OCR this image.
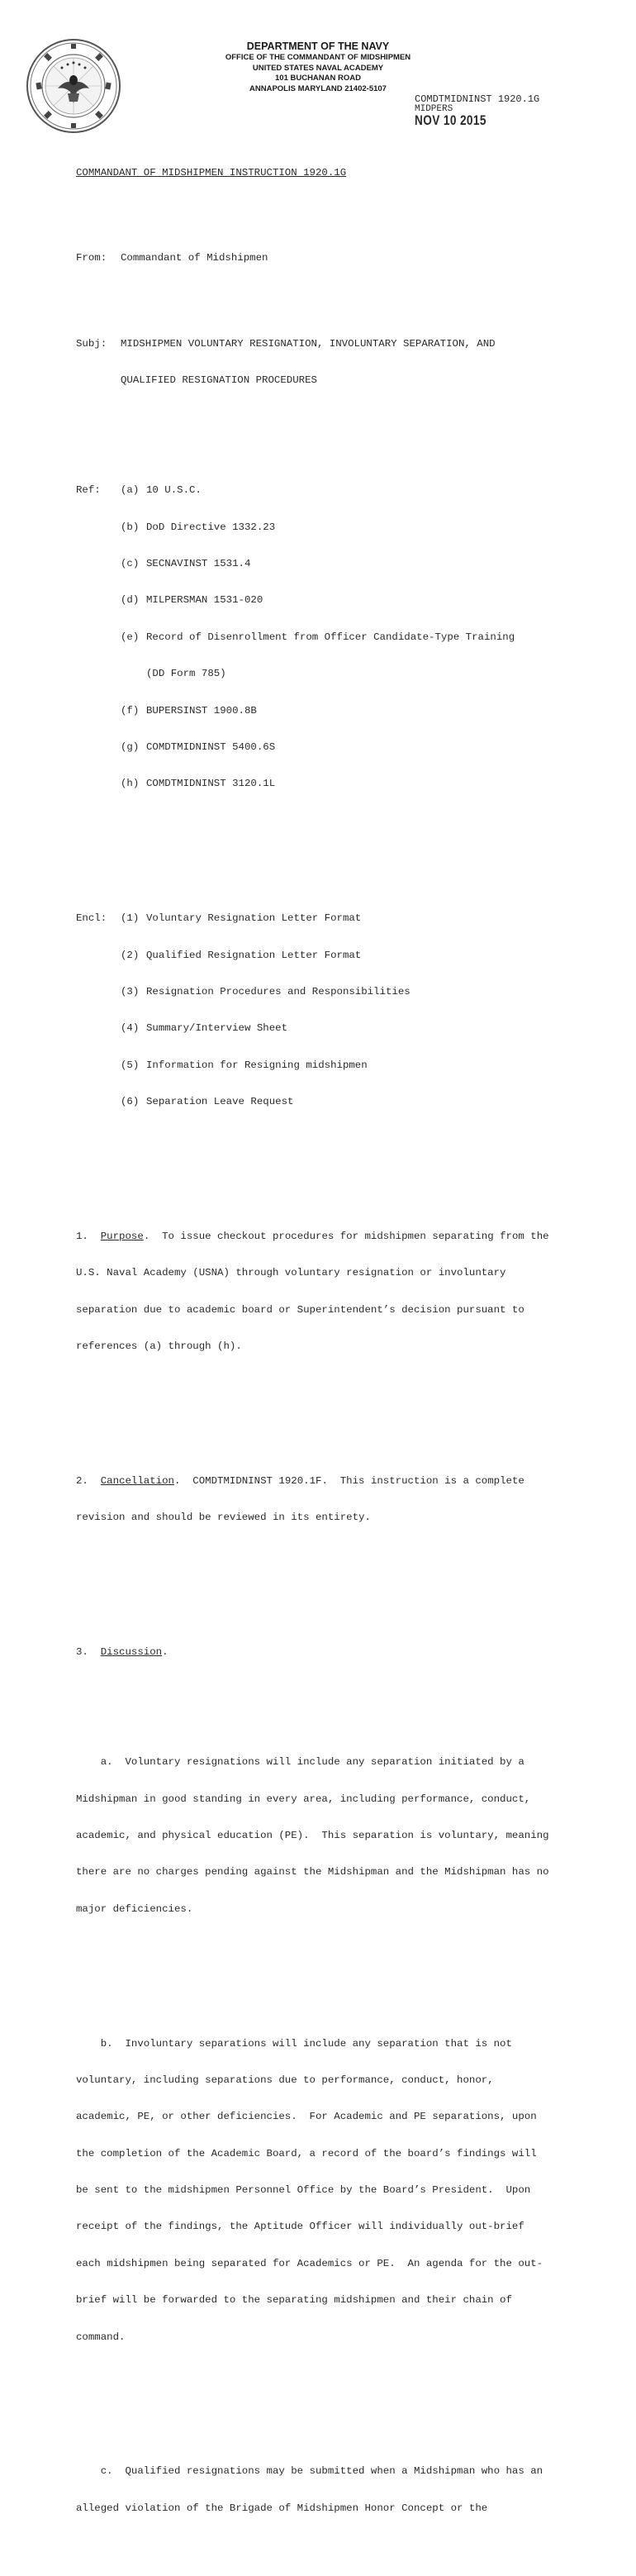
DEPARTMENT OF THE NAVY
OFFICE OF THE COMMANDANT OF MIDSHIPMEN
UNITED STATES NAVAL ACADEMY
101 BUCHANAN ROAD
ANNAPOLIS MARYLAND 21402-5107
COMDTMIDNINST 1920.1G
MIDPERS
NOV 10 2015

COMMANDANT OF MIDSHIPMEN INSTRUCTION 1920.1G

From:	Commandant of Midshipmen

Subj:	MIDSHIPMEN VOLUNTARY RESIGNATION, INVOLUNTARY SEPARATION, AND

QUALIFIED RESIGNATION PROCEDURES

Ref:	(a) 10 U.S.C.

(b) DoD Directive 1332.23

(c) SECNAVINST 1531.4

(d) MILPERSMAN 1531-020

(e) Record of Disenrollment from Officer Candidate-Type Training

(DD Form 785)

(f) BUPERSINST 1900.8B

(g) COMDTMIDNINST 5400.6S

(h) COMDTMIDNINST 3120.1L

Encl:	(1) Voluntary Resignation Letter Format

(2) Qualified Resignation Letter Format

(3) Resignation Procedures and Responsibilities

(4) Summary/Interview Sheet

(5) Information for Resigning midshipmen

(6) Separation Leave Request

1.  Purpose.  To issue checkout procedures for midshipmen separating from the

U.S. Naval Academy (USNA) through voluntary resignation or involuntary

separation due to academic board or Superintendent’s decision pursuant to

references (a) through (h).

2.  Cancellation.  COMDTMIDNINST 1920.1F.  This instruction is a complete

revision and should be reviewed in its entirety.

3.  Discussion.

a.  Voluntary resignations will include any separation initiated by a

Midshipman in good standing in every area, including performance, conduct,

academic, and physical education (PE).  This separation is voluntary, meaning

there are no charges pending against the Midshipman and the Midshipman has no

major deficiencies.

b.  Involuntary separations will include any separation that is not

voluntary, including separations due to performance, conduct, honor,

academic, PE, or other deficiencies.  For Academic and PE separations, upon

the completion of the Academic Board, a record of the board’s findings will

be sent to the midshipmen Personnel Office by the Board’s President.  Upon

receipt of the findings, the Aptitude Officer will individually out-brief

each midshipmen being separated for Academics or PE.  An agenda for the out-

brief will be forwarded to the separating midshipmen and their chain of

command.

c.  Qualified resignations may be submitted when a Midshipman who has an

alleged violation of the Brigade of Midshipmen Honor Concept or the
